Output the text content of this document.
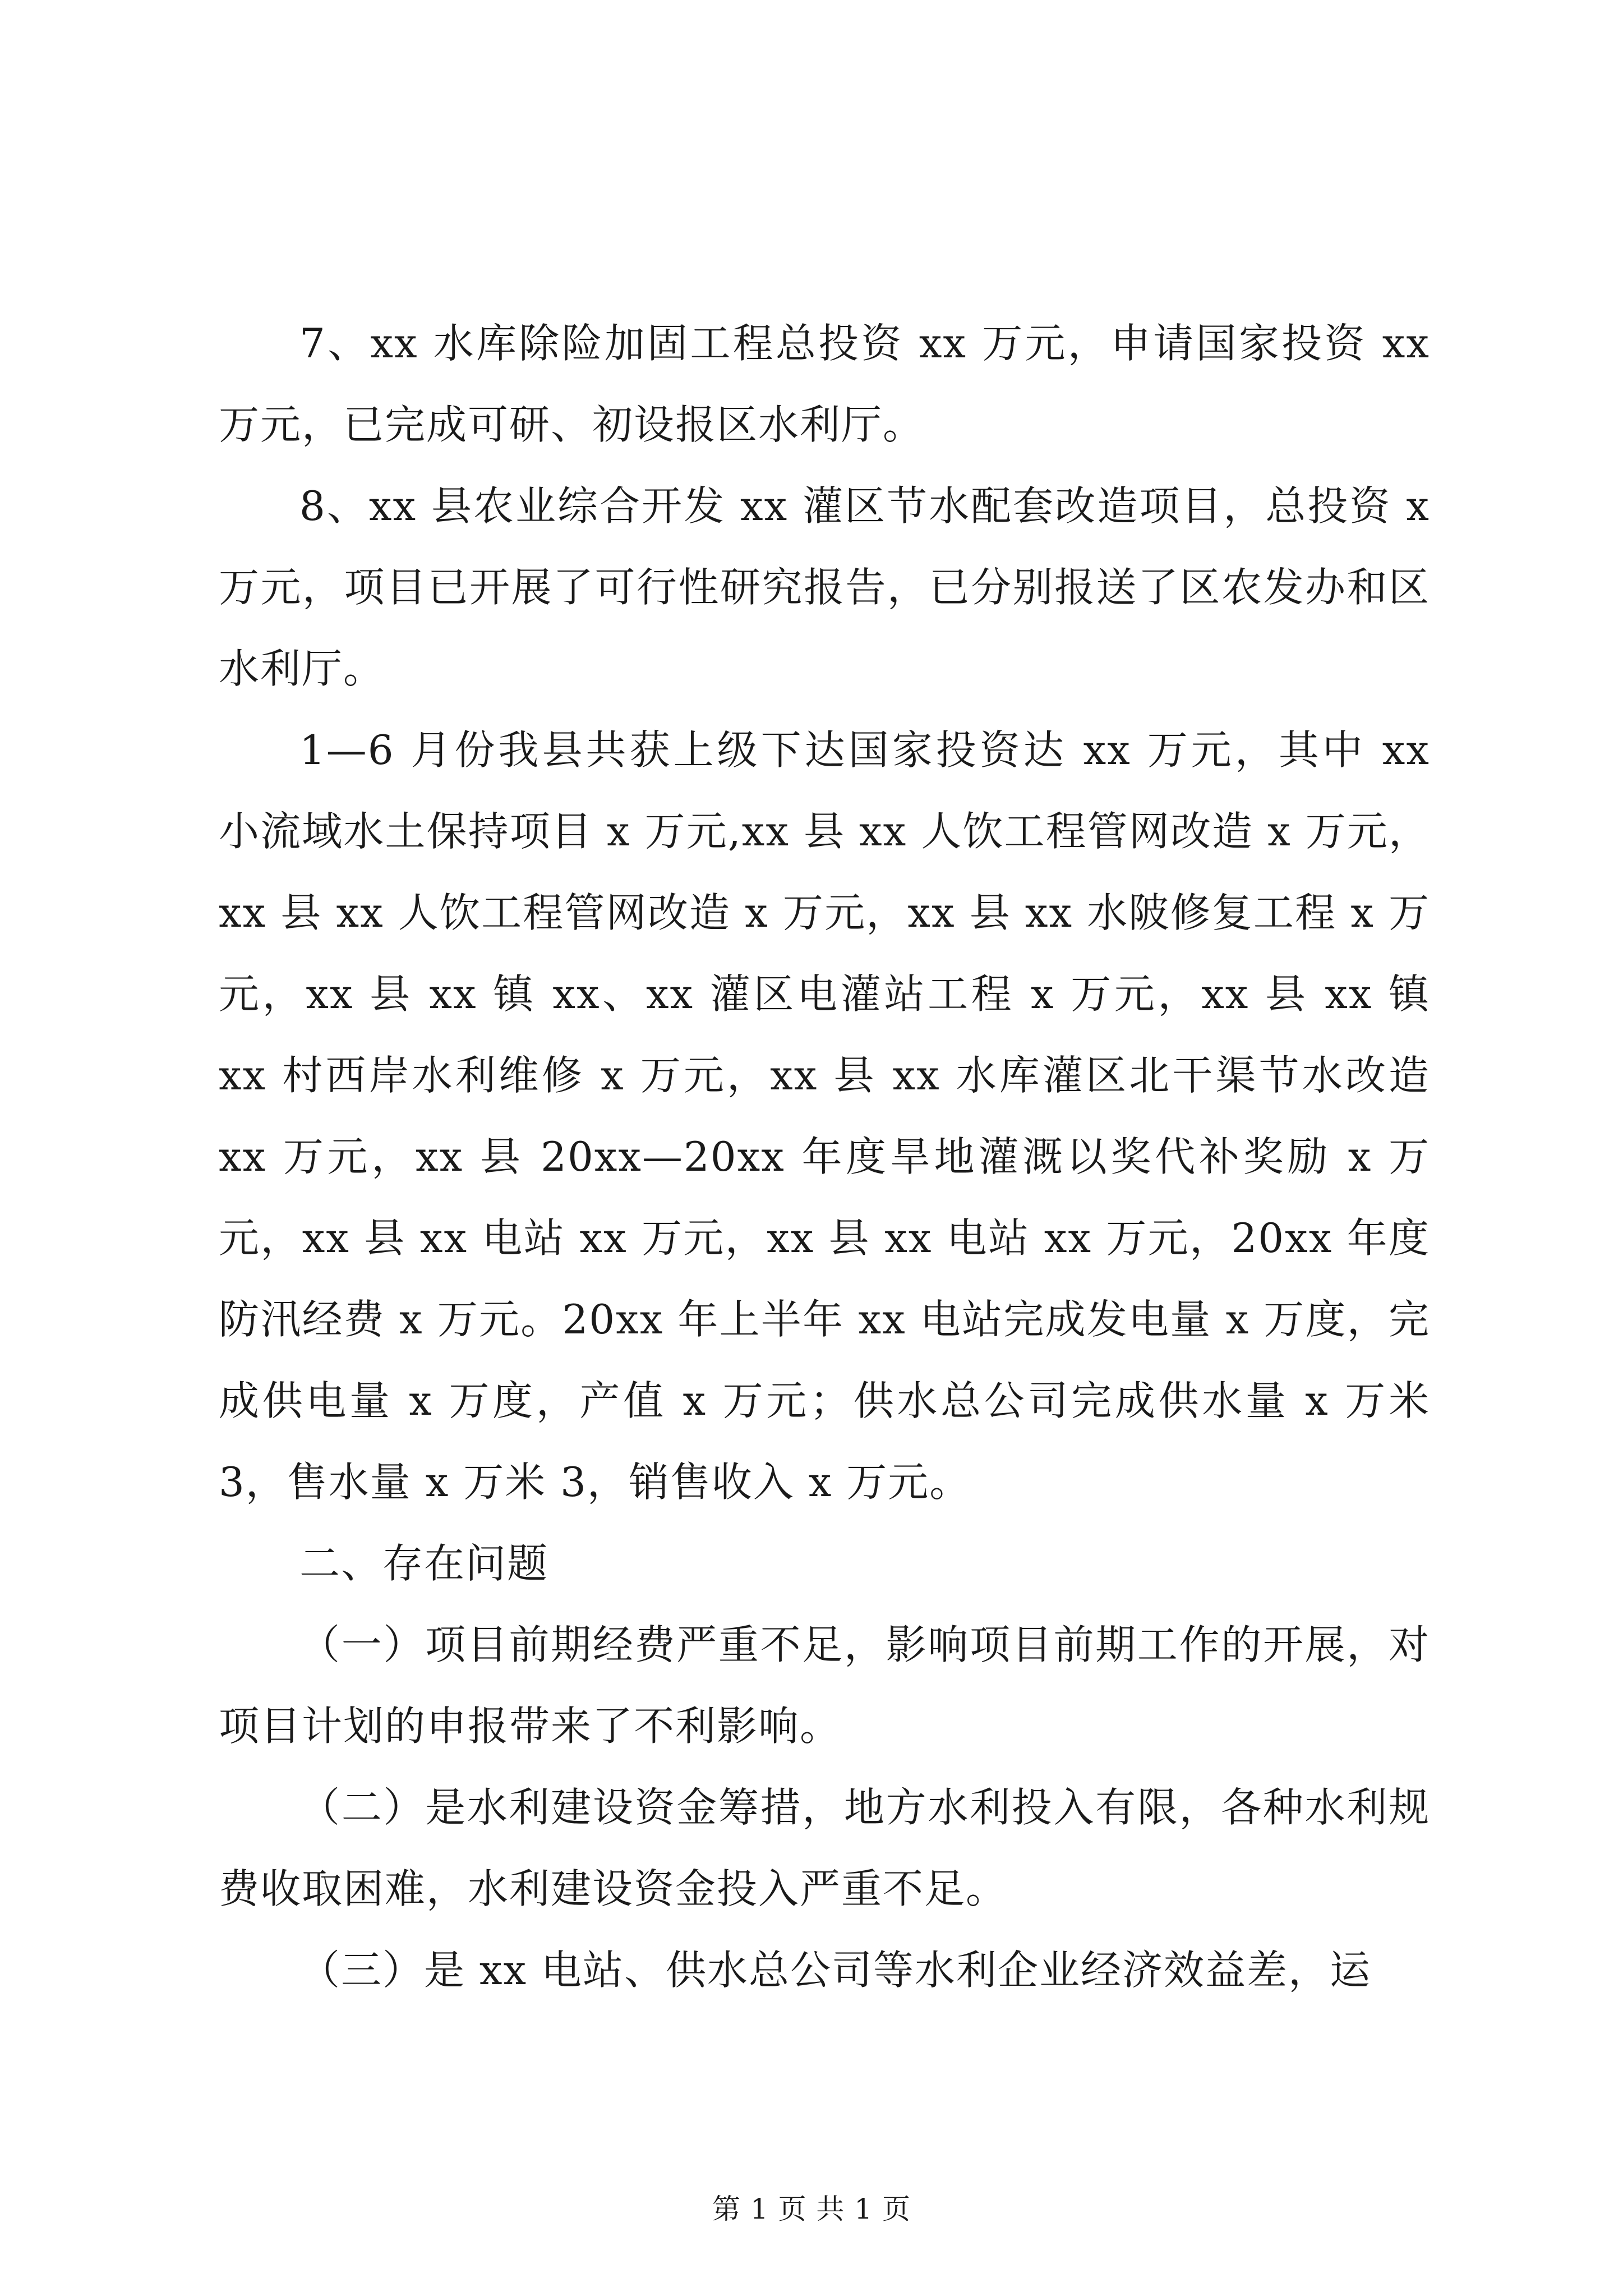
7、xx 水库除险加固工程总投资 xx 万元，申请国家投资 xx 万元，已完成可研、初设报区水利厅。

8、xx 县农业综合开发 xx 灌区节水配套改造项目，总投资 x 万元，项目已开展了可行性研究报告，已分别报送了区农发办和区水利厅。

1—6 月份我县共获上级下达国家投资达 xx 万元，其中 xx 小流域水土保持项目 x 万元,xx 县 xx 人饮工程管网改造 x 万元，xx 县 xx 人饮工程管网改造 x 万元，xx 县 xx 水陂修复工程 x 万元，xx 县 xx 镇 xx、xx 灌区电灌站工程 x 万元，xx 县 xx 镇 xx 村西岸水利维修 x 万元，xx 县 xx 水库灌区北干渠节水改造 xx 万元，xx 县 20xx—20xx 年度旱地灌溉以奖代补奖励 x 万元，xx 县 xx 电站 xx 万元，xx 县 xx 电站 xx 万元，20xx 年度防汛经费 x 万元。20xx 年上半年 xx 电站完成发电量 x 万度，完成供电量 x 万度，产值 x 万元；供水总公司完成供水量 x 万米 3，售水量 x 万米 3，销售收入 x 万元。

二、存在问题

（一）项目前期经费严重不足，影响项目前期工作的开展，对项目计划的申报带来了不利影响。

（二）是水利建设资金筹措，地方水利投入有限，各种水利规费收取困难，水利建设资金投入严重不足。

（三）是 xx 电站、供水总公司等水利企业经济效益差，运

第 1 页 共 1 页
